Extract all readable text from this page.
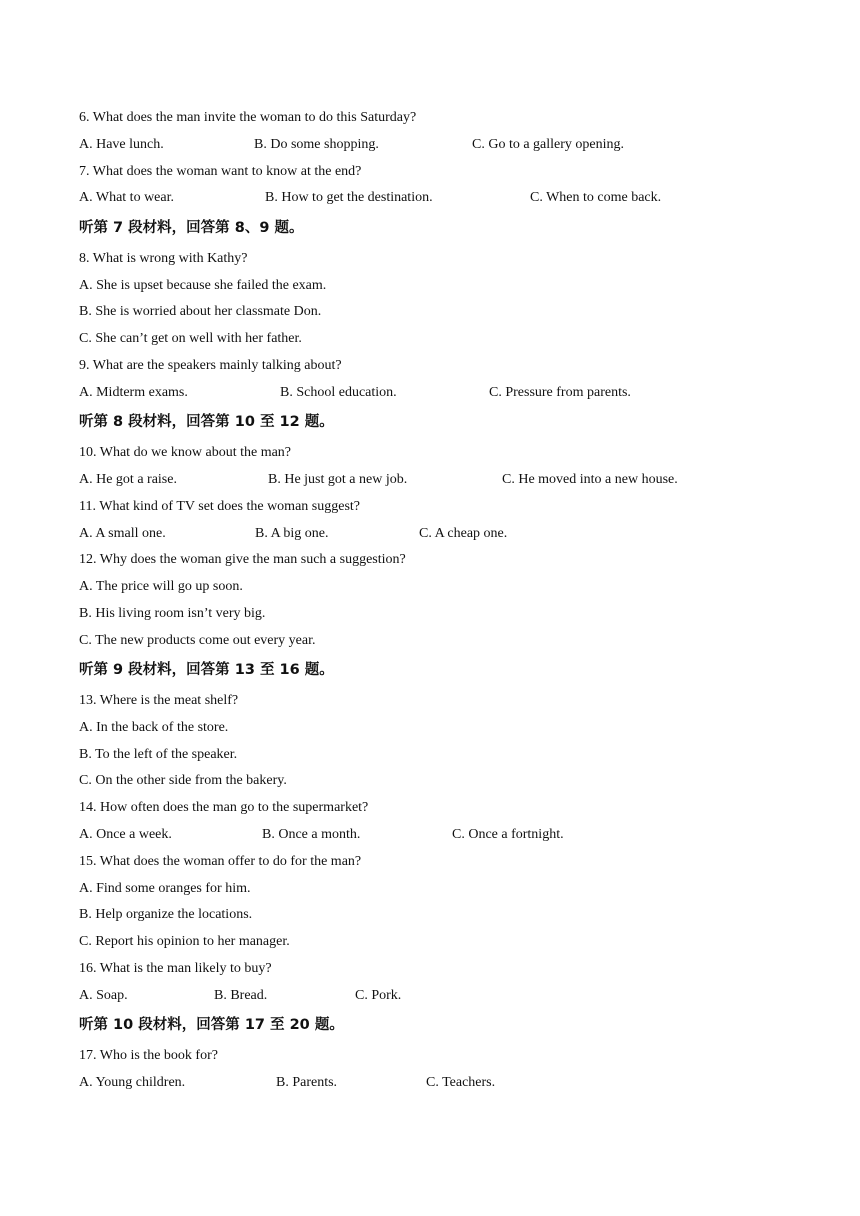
6. What does the man invite the woman to do this Saturday?
A. Have lunch.	B. Do some shopping.	C. Go to a gallery opening.
7. What does the woman want to know at the end?
A. What to wear.	B. How to get the destination.	C. When to come back.
听第 7 段材料，回答第 8、9 题。
8. What is wrong with Kathy?
A. She is upset because she failed the exam.
B. She is worried about her classmate Don.
C. She can’t get on well with her father.
9. What are the speakers mainly talking about?
A. Midterm exams.	B. School education.	C. Pressure from parents.
听第 8 段材料，回答第 10 至 12 题。
10. What do we know about the man?
A. He got a raise.	B. He just got a new job.	C. He moved into a new house.
11. What kind of TV set does the woman suggest?
A. A small one.	B. A big one.	C. A cheap one.
12. Why does the woman give the man such a suggestion?
A. The price will go up soon.
B. His living room isn’t very big.
C. The new products come out every year.
听第 9 段材料，回答第 13 至 16 题。
13. Where is the meat shelf?
A. In the back of the store.
B. To the left of the speaker.
C. On the other side from the bakery.
14. How often does the man go to the supermarket?
A. Once a week.	B. Once a month.	C. Once a fortnight.
15. What does the woman offer to do for the man?
A. Find some oranges for him.
B. Help organize the locations.
C. Report his opinion to her manager.
16. What is the man likely to buy?
A. Soap.	B. Bread.	C. Pork.
听第 10 段材料，回答第 17 至 20 题。
17. Who is the book for?
A. Young children.	B. Parents.	C. Teachers.
